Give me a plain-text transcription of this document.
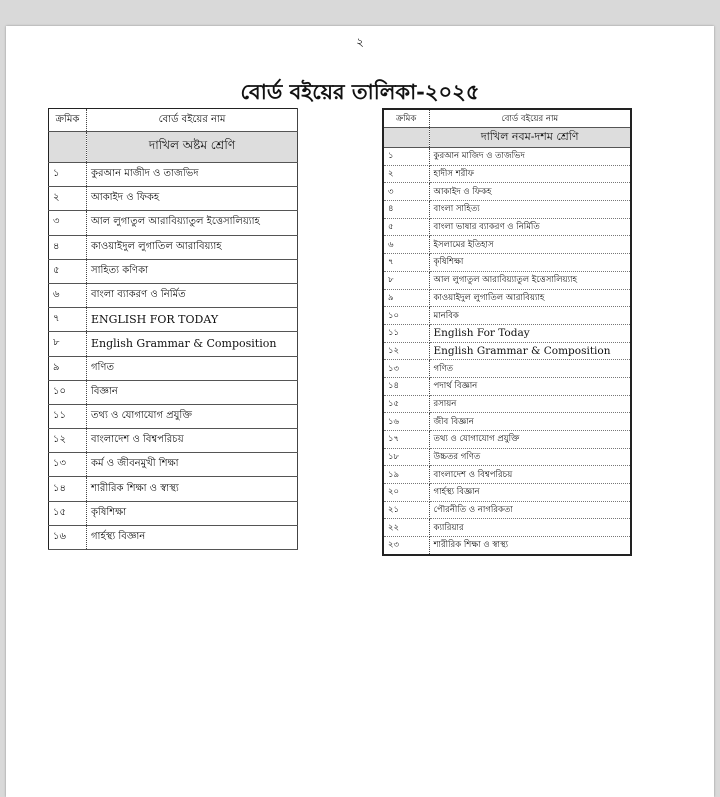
২
বোর্ড বইয়ের তালিকা-২০২৫
ক্রমিক	বোর্ড বইয়ের নাম
	দাখিল অষ্টম শ্রেণি
১	কুরআন মাজীদ ও তাজভিদ
২	আকাইদ ও ফিকহ
৩	আল লুগাতুল আরাবিয়্যাতুল ইত্তেসালিয়্যাহ
৪	কাওয়াইদুল লুগাতিল আরাবিয়্যাহ
৫	সাহিত্য কণিকা
৬	বাংলা ব্যাকরণ ও নির্মিত
৭	ENGLISH FOR TODAY
৮	English Grammar & Composition
৯	গণিত
১০	বিজ্ঞান
১১	তথ্য ও যোগাযোগ প্রযুক্তি
১২	বাংলাদেশ ও বিশ্বপরিচয়
১৩	কর্ম ও জীবনমুখী শিক্ষা
১৪	শারীরিক শিক্ষা ও স্বাস্থ্য
১৫	কৃষিশিক্ষা
১৬	গার্হস্থ্য বিজ্ঞান
ক্রমিক	বোর্ড বইয়ের নাম
	দাখিল নবম-দশম শ্রেণি
১	কুরআন মাজিদ ও তাজভিদ
২	হাদীস শরীফ
৩	আকাইদ ও ফিকহ
৪	বাংলা সাহিত্য
৫	বাংলা ভাষার ব্যাকরণ ও নির্মিতি
৬	ইসলামের ইতিহাস
৭	কৃষিশিক্ষা
৮	আল লুগাতুল আরাবিয়্যাতুল ইত্তেসালিয়্যাহ
৯	কাওয়াইদুল লুগাতিল আরাবিয়্যাহ
১০	মানবিক
১১	English For Today
১২	English Grammar & Composition
১৩	গণিত
১৪	পদার্থ বিজ্ঞান
১৫	রসায়ন
১৬	জীব বিজ্ঞান
১৭	তথ্য ও যোগাযোগ প্রযুক্তি
১৮	উচ্চতর গণিত
১৯	বাংলাদেশ ও বিশ্বপরিচয়
২০	গার্হস্থ্য বিজ্ঞান
২১	পৌরনীতি ও নাগরিকতা
২২	ক্যারিয়ার
২৩	শারীরিক শিক্ষা ও স্বাস্থ্য
